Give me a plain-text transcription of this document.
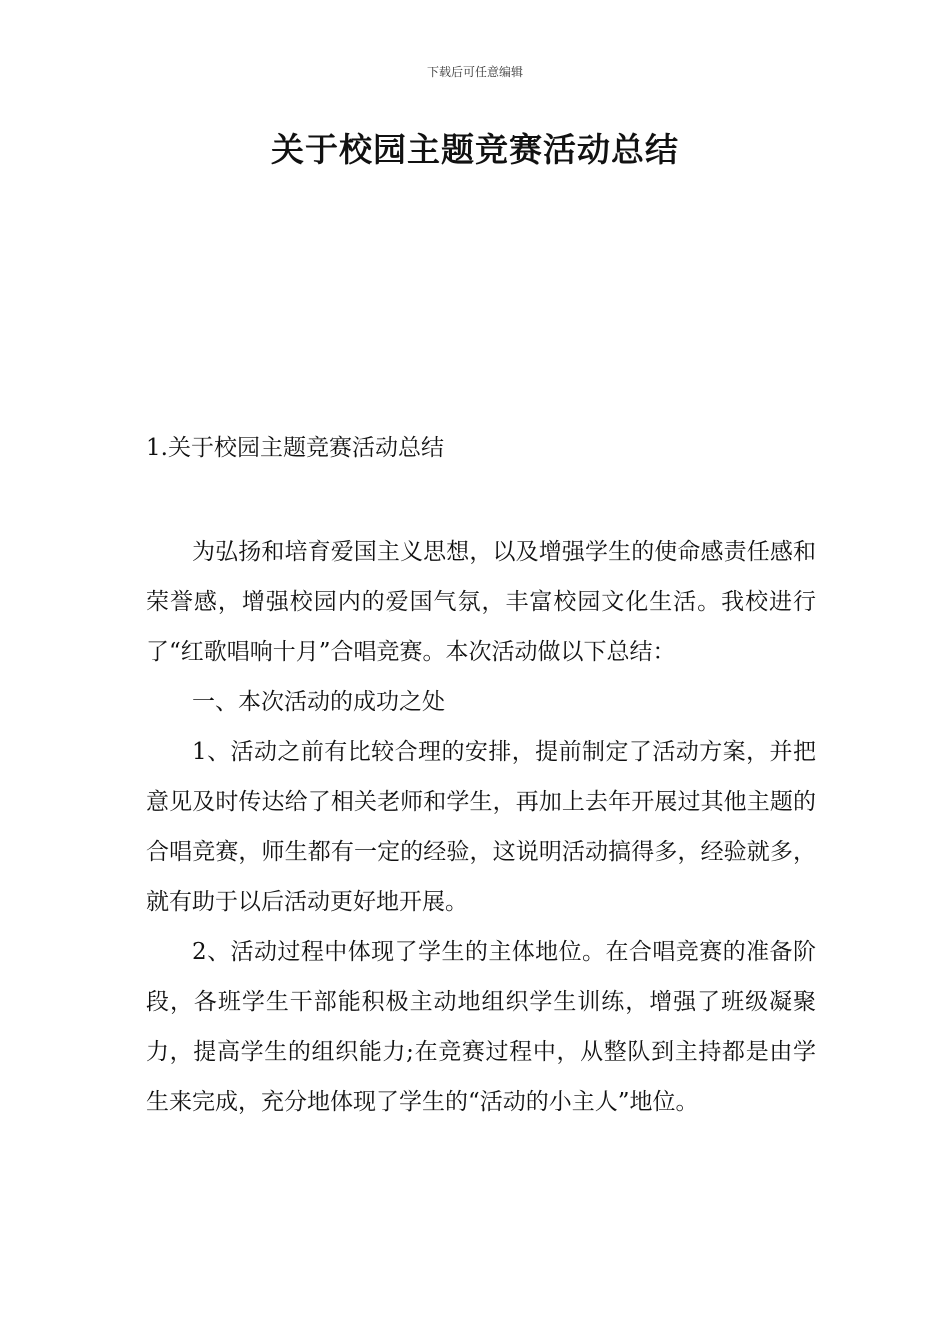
下载后可任意编辑
关于校园主题竞赛活动总结
1.关于校园主题竞赛活动总结

为弘扬和培育爱国主义思想，以及增强学生的使命感责任感和荣誉感，增强校园内的爱国气氛，丰富校园文化生活。我校进行了“红歌唱响十月”合唱竞赛。本次活动做以下总结：

一、本次活动的成功之处

1、活动之前有比较合理的安排，提前制定了活动方案，并把意见及时传达给了相关老师和学生，再加上去年开展过其他主题的合唱竞赛，师生都有一定的经验，这说明活动搞得多，经验就多，就有助于以后活动更好地开展。

2、活动过程中体现了学生的主体地位。在合唱竞赛的准备阶段，各班学生干部能积极主动地组织学生训练，增强了班级凝聚力，提高学生的组织能力;在竞赛过程中，从整队到主持都是由学生来完成，充分地体现了学生的“活动的小主人”地位。
